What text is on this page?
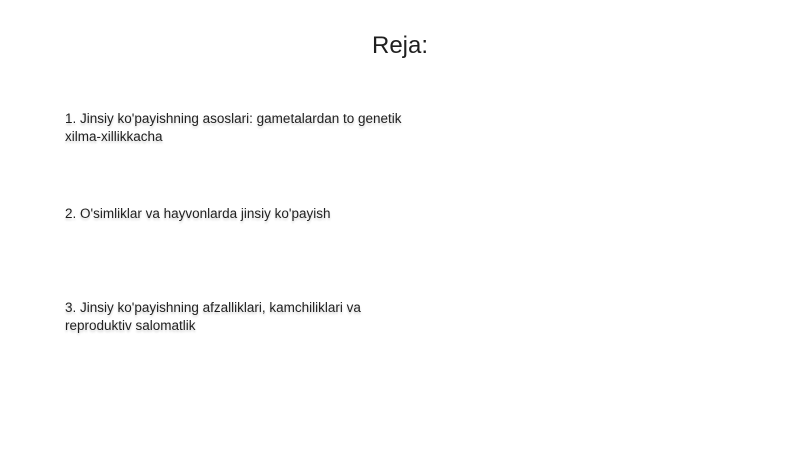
Reja:
1. Jinsiy ko'payishning asoslari: gametalardan to genetik xilma-xillikkacha
2. O'simliklar va hayvonlarda jinsiy ko'payish
3. Jinsiy ko'payishning afzalliklari, kamchiliklari va reproduktiv salomatlik
